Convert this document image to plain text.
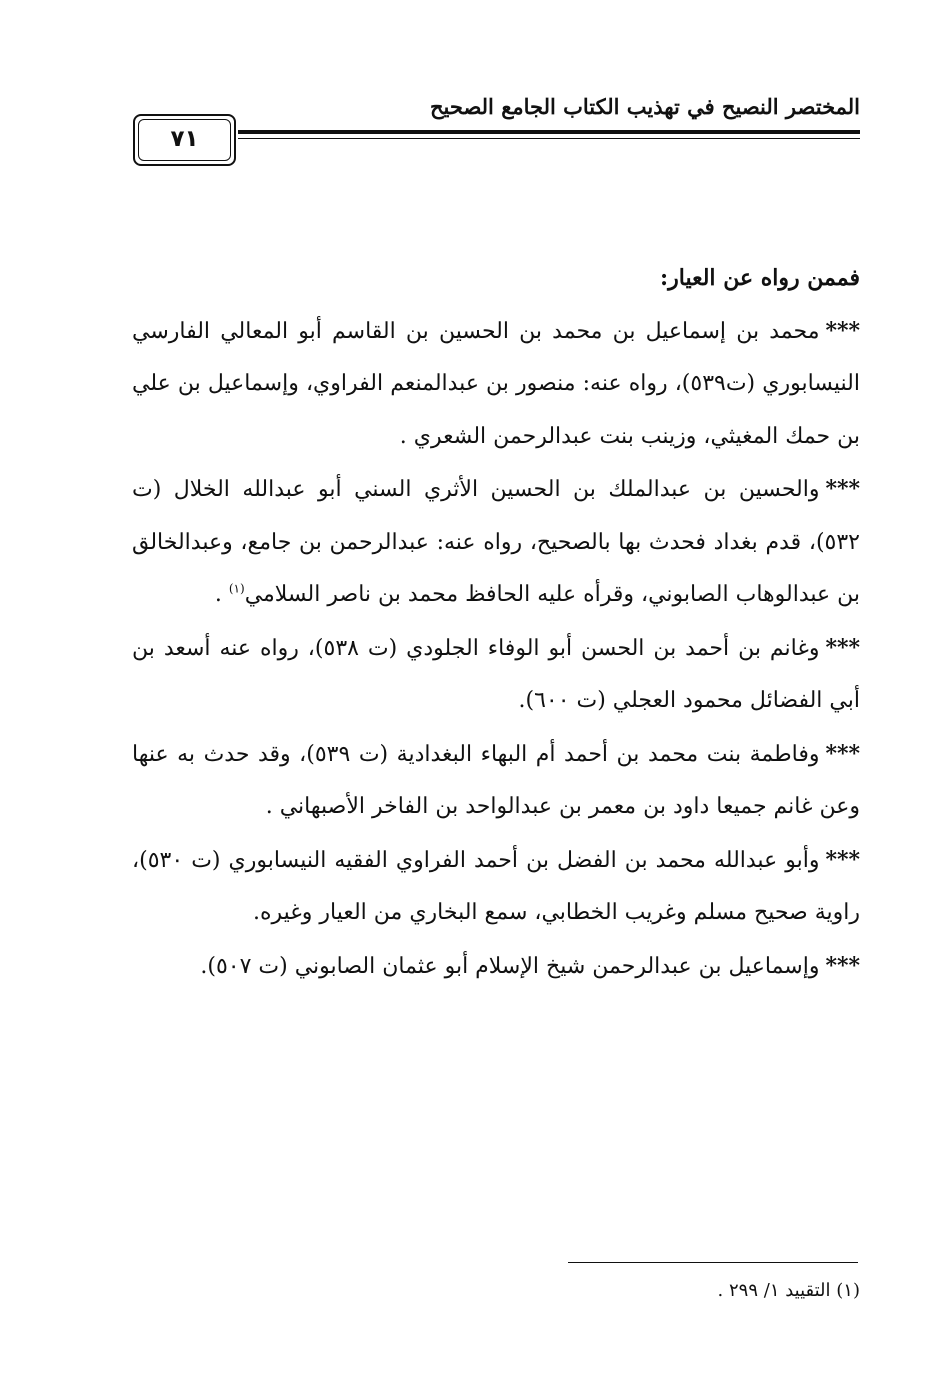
المختصر النصيح في تهذيب الكتاب الجامع الصحيح
٧١

فممن رواه عن العيار:

***محمد بن إسماعيل بن محمد بن الحسين بن القاسم أبو المعالي الفارسي النيسابوري (ت٥٣٩)، رواه عنه: منصور بن عبدالمنعم الفراوي، وإسماعيل بن علي بن حمك المغيثي، وزينب بنت عبدالرحمن الشعري .

***والحسين بن عبدالملك بن الحسين الأثري السني أبو عبدالله الخلال (ت ٥٣٢)، قدم بغداد فحدث بها بالصحيح، رواه عنه: عبدالرحمن بن جامع، وعبدالخالق بن عبدالوهاب الصابوني، وقرأه عليه الحافظ محمد بن ناصر السلامي$^{(١)}$ .

***وغانم بن أحمد بن الحسن أبو الوفاء الجلودي (ت ٥٣٨)، رواه عنه أسعد بن أبي الفضائل محمود العجلي (ت ٦٠٠).

***وفاطمة بنت محمد بن أحمد أم البهاء البغدادية (ت ٥٣٩)، وقد حدث به عنها وعن غانم جميعا داود بن معمر بن عبدالواحد بن الفاخر الأصبهاني .

***وأبو عبدالله محمد بن الفضل بن أحمد الفراوي الفقيه النيسابوري (ت ٥٣٠)، راوية صحيح مسلم وغريب الخطابي، سمع البخاري من العيار وغيره.

***وإسماعيل بن عبدالرحمن شيخ الإسلام أبو عثمان الصابوني (ت ٥٠٧).

(١) التقييد ١/ ٢٩٩ .
